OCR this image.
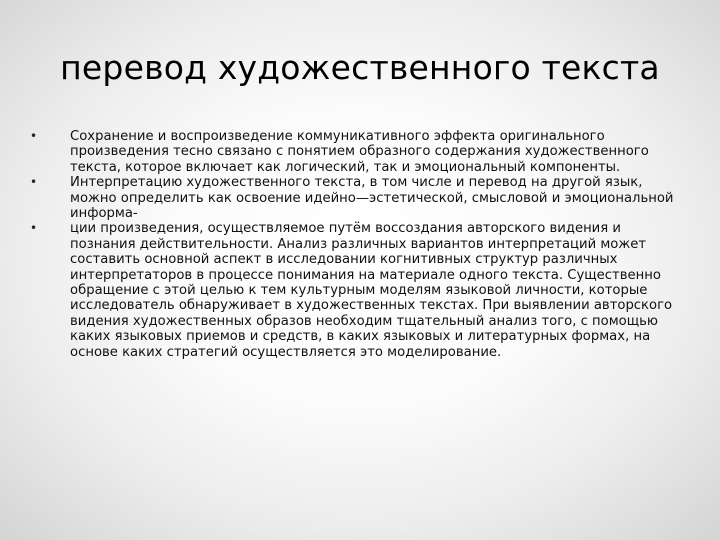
перевод художественного текста
•	Сохранение и воспроизведение коммуникативного эффекта оригинального произведения тесно связано с понятием образного содержания художественного текста, которое включает как логический, так и эмоциональный компоненты.
•	Интерпретацию художественного текста, в том числе и перевод на другой язык, можно определить как освоение идейно—эстетической, смысловой и эмоциональной информа-
•	ции произведения, осуществляемое путём воссоздания авторского видения и познания действительности. Анализ различных вариантов интерпретаций может составить основной аспект в исследовании когнитивных структур различных интерпретаторов в процессе понимания на материале одного текста. Существенно обращение с этой целью к тем культурным моделям языковой личности, которые исследователь обнаруживает в художественных текстах. При выявлении авторского видения художественных образов необходим тщательный анализ того, с помощью каких языковых приемов и средств, в каких языковых и литературных формах, на основе каких стратегий осуществляется это моделирование.
